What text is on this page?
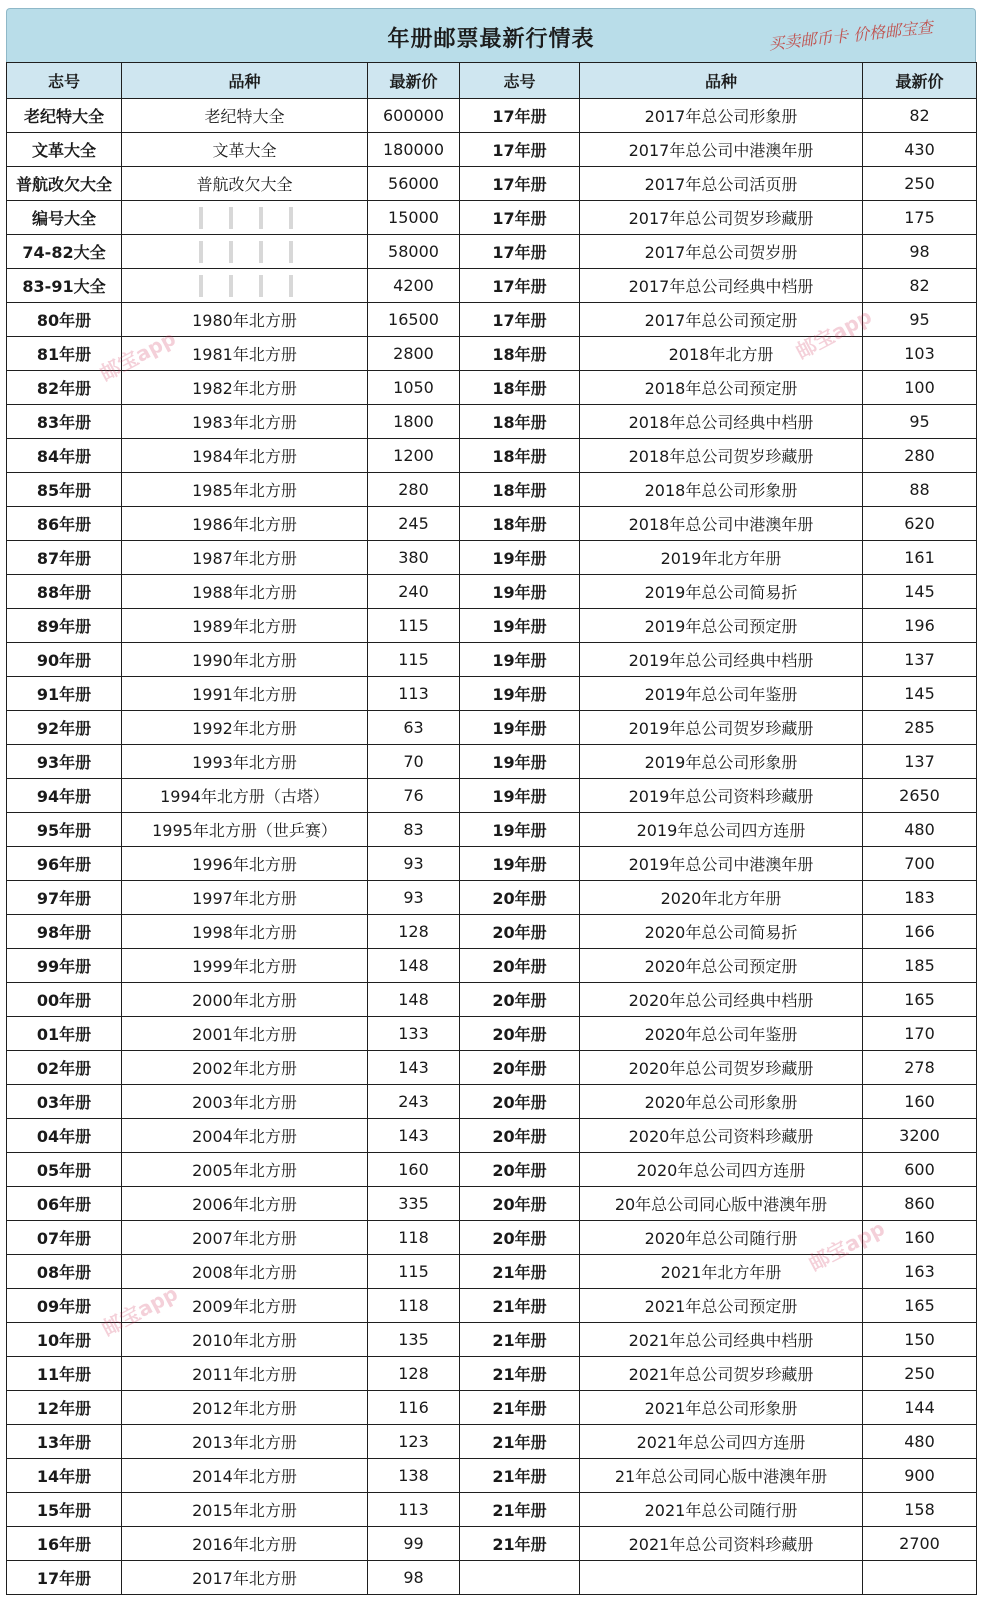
年册邮票最新行情表	买卖邮币卡 价格邮宝查
志号	品种	最新价	志号	品种	最新价
老纪特大全	老纪特大全	600000	17年册	2017年总公司形象册	82
文革大全	文革大全	180000	17年册	2017年总公司中港澳年册	430
普航改欠大全	普航改欠大全	56000	17年册	2017年总公司活页册	250
编号大全		15000	17年册	2017年总公司贺岁珍藏册	175
74-82大全		58000	17年册	2017年总公司贺岁册	98
83-91大全		4200	17年册	2017年总公司经典中档册	82
80年册	1980年北方册	16500	17年册	2017年总公司预定册	95
81年册	1981年北方册	2800	18年册	2018年北方册	103
82年册	1982年北方册	1050	18年册	2018年总公司预定册	100
83年册	1983年北方册	1800	18年册	2018年总公司经典中档册	95
84年册	1984年北方册	1200	18年册	2018年总公司贺岁珍藏册	280
85年册	1985年北方册	280	18年册	2018年总公司形象册	88
86年册	1986年北方册	245	18年册	2018年总公司中港澳年册	620
87年册	1987年北方册	380	19年册	2019年北方年册	161
88年册	1988年北方册	240	19年册	2019年总公司简易折	145
89年册	1989年北方册	115	19年册	2019年总公司预定册	196
90年册	1990年北方册	115	19年册	2019年总公司经典中档册	137
91年册	1991年北方册	113	19年册	2019年总公司年鉴册	145
92年册	1992年北方册	63	19年册	2019年总公司贺岁珍藏册	285
93年册	1993年北方册	70	19年册	2019年总公司形象册	137
94年册	1994年北方册（古塔）	76	19年册	2019年总公司资料珍藏册	2650
95年册	1995年北方册（世乒赛）	83	19年册	2019年总公司四方连册	480
96年册	1996年北方册	93	19年册	2019年总公司中港澳年册	700
97年册	1997年北方册	93	20年册	2020年北方年册	183
98年册	1998年北方册	128	20年册	2020年总公司简易折	166
99年册	1999年北方册	148	20年册	2020年总公司预定册	185
00年册	2000年北方册	148	20年册	2020年总公司经典中档册	165
01年册	2001年北方册	133	20年册	2020年总公司年鉴册	170
02年册	2002年北方册	143	20年册	2020年总公司贺岁珍藏册	278
03年册	2003年北方册	243	20年册	2020年总公司形象册	160
04年册	2004年北方册	143	20年册	2020年总公司资料珍藏册	3200
05年册	2005年北方册	160	20年册	2020年总公司四方连册	600
06年册	2006年北方册	335	20年册	20年总公司同心版中港澳年册	860
07年册	2007年北方册	118	20年册	2020年总公司随行册	160
08年册	2008年北方册	115	21年册	2021年北方年册	163
09年册	2009年北方册	118	21年册	2021年总公司预定册	165
10年册	2010年北方册	135	21年册	2021年总公司经典中档册	150
11年册	2011年北方册	128	21年册	2021年总公司贺岁珍藏册	250
12年册	2012年北方册	116	21年册	2021年总公司形象册	144
13年册	2013年北方册	123	21年册	2021年总公司四方连册	480
14年册	2014年北方册	138	21年册	21年总公司同心版中港澳年册	900
15年册	2015年北方册	113	21年册	2021年总公司随行册	158
16年册	2016年北方册	99	21年册	2021年总公司资料珍藏册	2700
17年册	2017年北方册	98			
邮宝app	邮宝app
邮宝app
邮宝app
